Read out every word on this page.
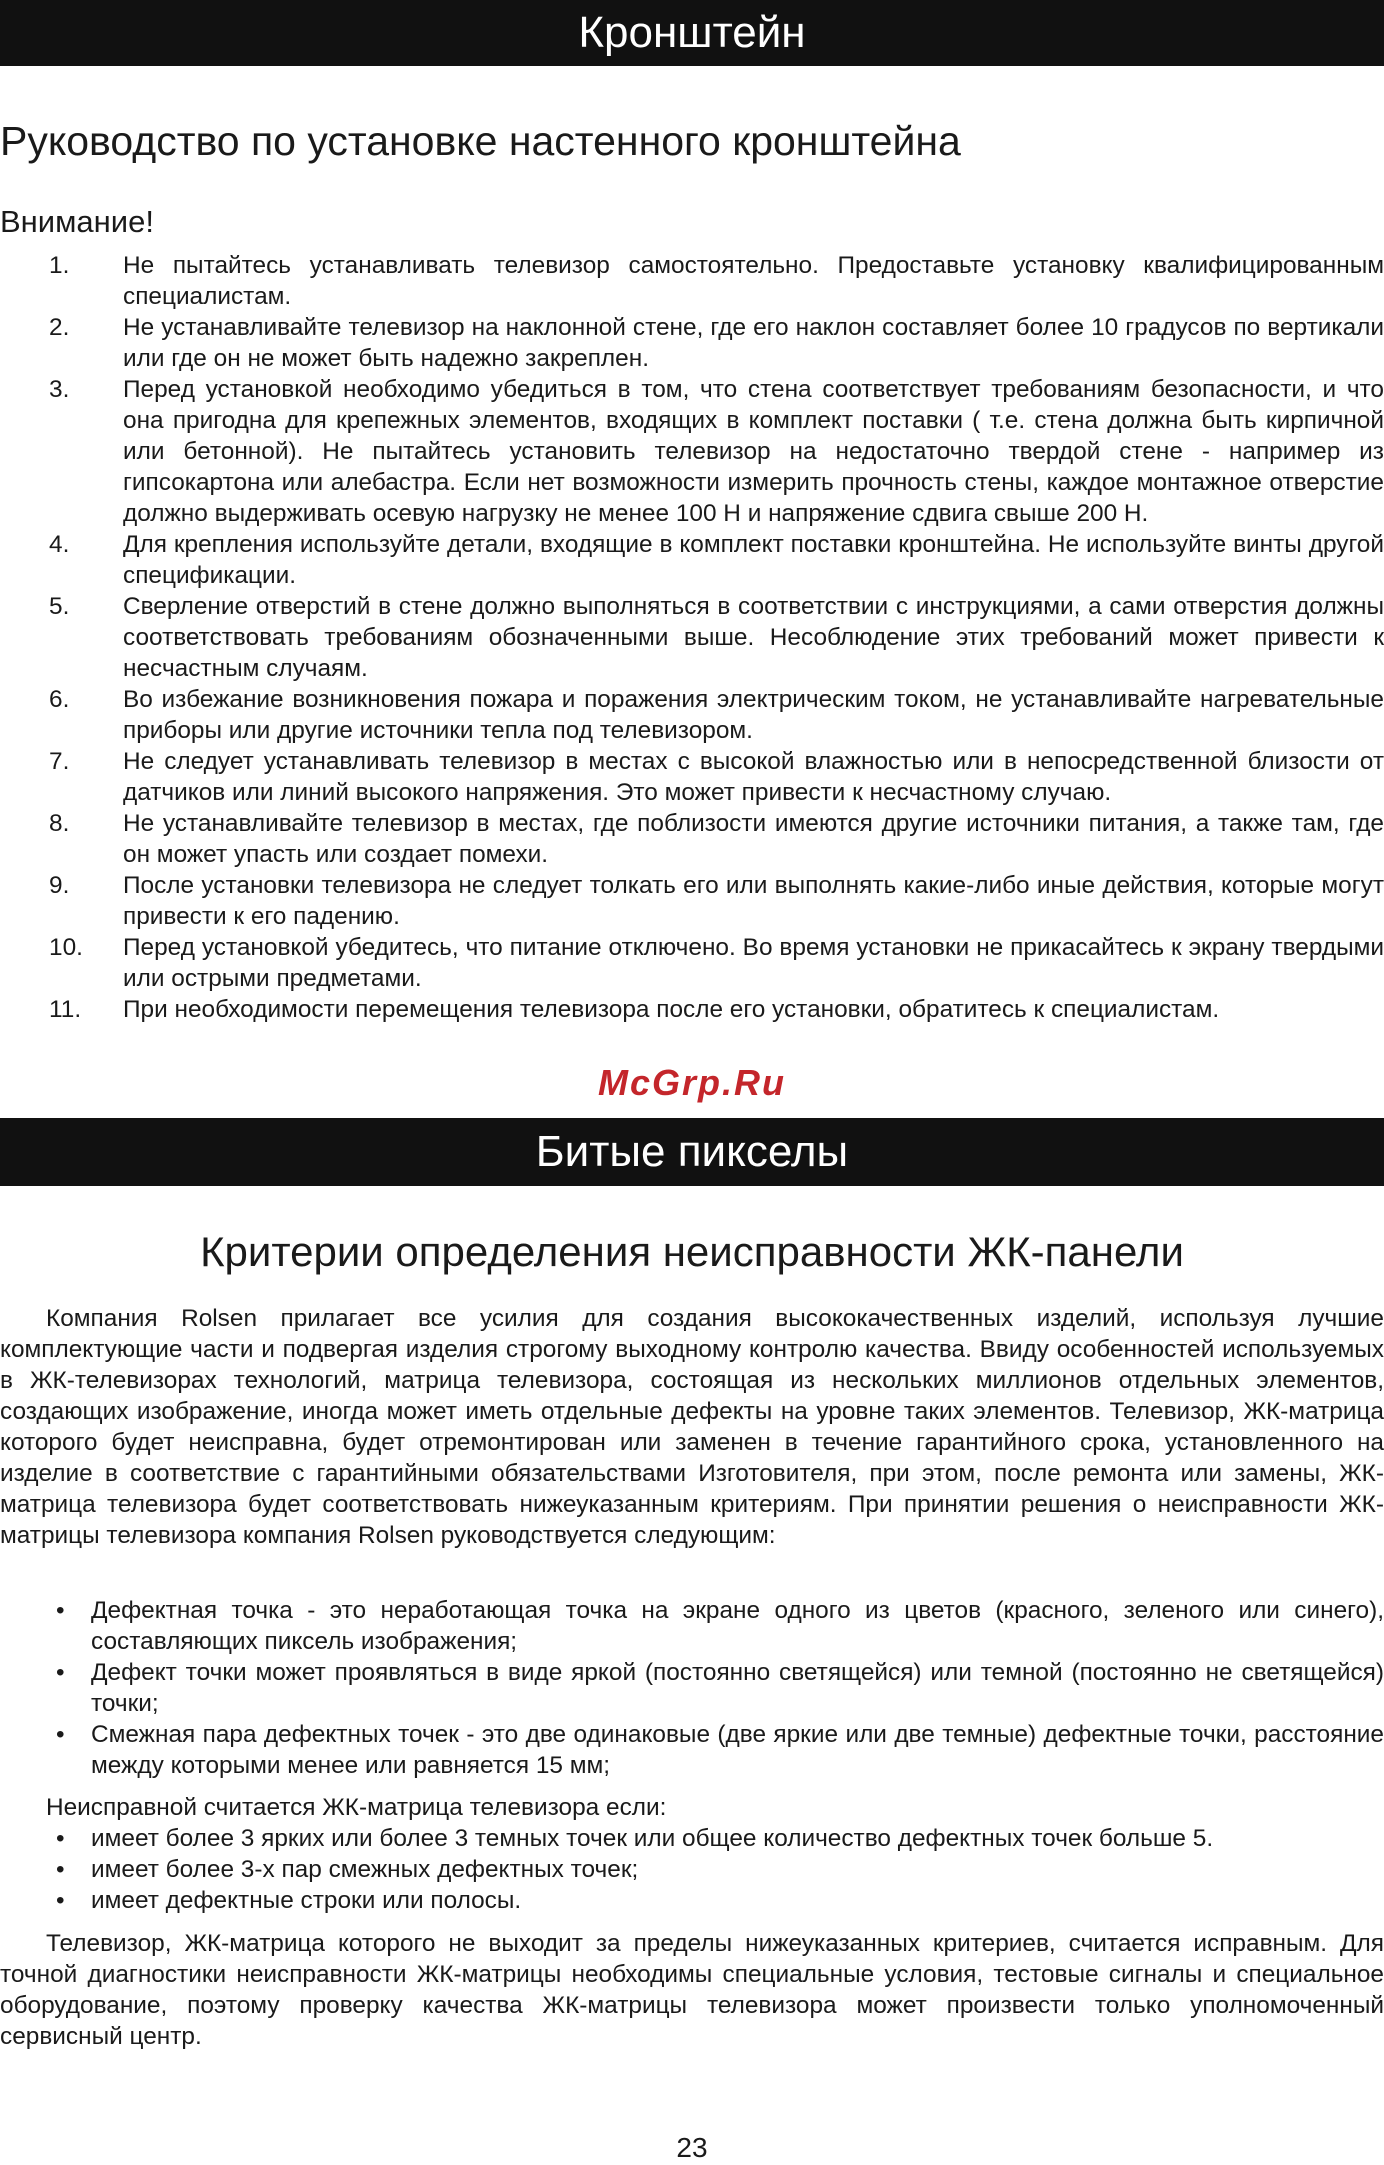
Кронштейн
Руководство по установке настенного кронштейна
Внимание!
1. Не пытайтесь устанавливать телевизор самостоятельно. Предоставьте установку квалифицированным специалистам.
2. Не устанавливайте телевизор на наклонной стене, где его наклон составляет более 10 градусов по вертикали или где он не может быть надежно закреплен.
3. Перед установкой необходимо убедиться в том, что стена соответствует требованиям безопасности, и что она пригодна для крепежных элементов, входящих в комплект поставки ( т.е. стена должна быть кирпичной или бетонной). Не пытайтесь установить телевизор на недостаточно твердой стене - например из гипсокартона или алебастра. Если нет возможности измерить прочность стены, каждое монтажное отверстие должно выдерживать осевую нагрузку не менее 100 Н и напряжение сдвига свыше 200 Н.
4. Для крепления используйте детали, входящие в комплект поставки кронштейна. Не используйте винты другой спецификации.
5. Сверление отверстий в стене должно выполняться в соответствии с инструкциями, а сами отверстия должны соответствовать требованиям обозначенными выше. Несоблюдение этих требований может привести к несчастным случаям.
6. Во избежание возникновения пожара и поражения электрическим током, не устанавливайте нагревательные приборы или другие источники тепла под телевизором.
7. Не следует устанавливать телевизор в местах с высокой влажностью или в непосредственной близости от датчиков или линий высокого напряжения. Это может привести к несчастному случаю.
8. Не устанавливайте телевизор в местах, где поблизости имеются другие источники питания, а также там, где он может упасть или создает помехи.
9. После установки телевизора не следует толкать его или выполнять какие-либо иные действия, которые могут привести к его падению.
10. Перед установкой убедитесь, что питание отключено. Во время установки не прикасайтесь к экрану твердыми или острыми предметами.
11. При необходимости перемещения телевизора после его установки, обратитесь к специалистам.
McGrp.Ru
Битые пикселы
Критерии определения неисправности ЖК-панели

Компания Rolsen прилагает все усилия для создания высококачественных изделий, используя лучшие комплектующие части и подвергая изделия строгому выходному контролю качества. Ввиду особенностей используемых в ЖК-телевизорах технологий, матрица телевизора, состоящая из нескольких миллионов отдельных элементов, создающих изображение, иногда может иметь отдельные дефекты на уровне таких элементов. Телевизор, ЖК-матрица которого будет неисправна, будет отремонтирован или заменен в течение гарантийного срока, установленного на изделие в соответствие с гарантийными обязательствами Изготовителя, при этом, после ремонта или замены, ЖК-матрица телевизора будет соответствовать нижеуказанным критериям. При принятии решения о неисправности ЖК-матрицы телевизора компания Rolsen руководствуется следующим:

• Дефектная точка - это неработающая точка на экране одного из цветов (красного, зеленого или синего), составляющих пиксель изображения;
• Дефект точки может проявляться в виде яркой (постоянно светящейся) или темной (постоянно не светящейся) точки;
• Смежная пара дефектных точек - это две одинаковые (две яркие или две темные) дефектные точки, расстояние между которыми менее или равняется 15 мм;

Неисправной считается ЖК-матрица телевизора если:

• имеет более 3 ярких или более 3 темных точек или общее количество дефектных точек больше 5.
• имеет более 3-х пар смежных дефектных точек;
• имеет дефектные строки или полосы.

Телевизор, ЖК-матрица которого не выходит за пределы нижеуказанных критериев, считается исправным. Для точной диагностики неисправности ЖК-матрицы необходимы специальные условия, тестовые сигналы и специальное оборудование, поэтому проверку качества ЖК-матрицы телевизора может произвести только уполномоченный сервисный центр.

23
